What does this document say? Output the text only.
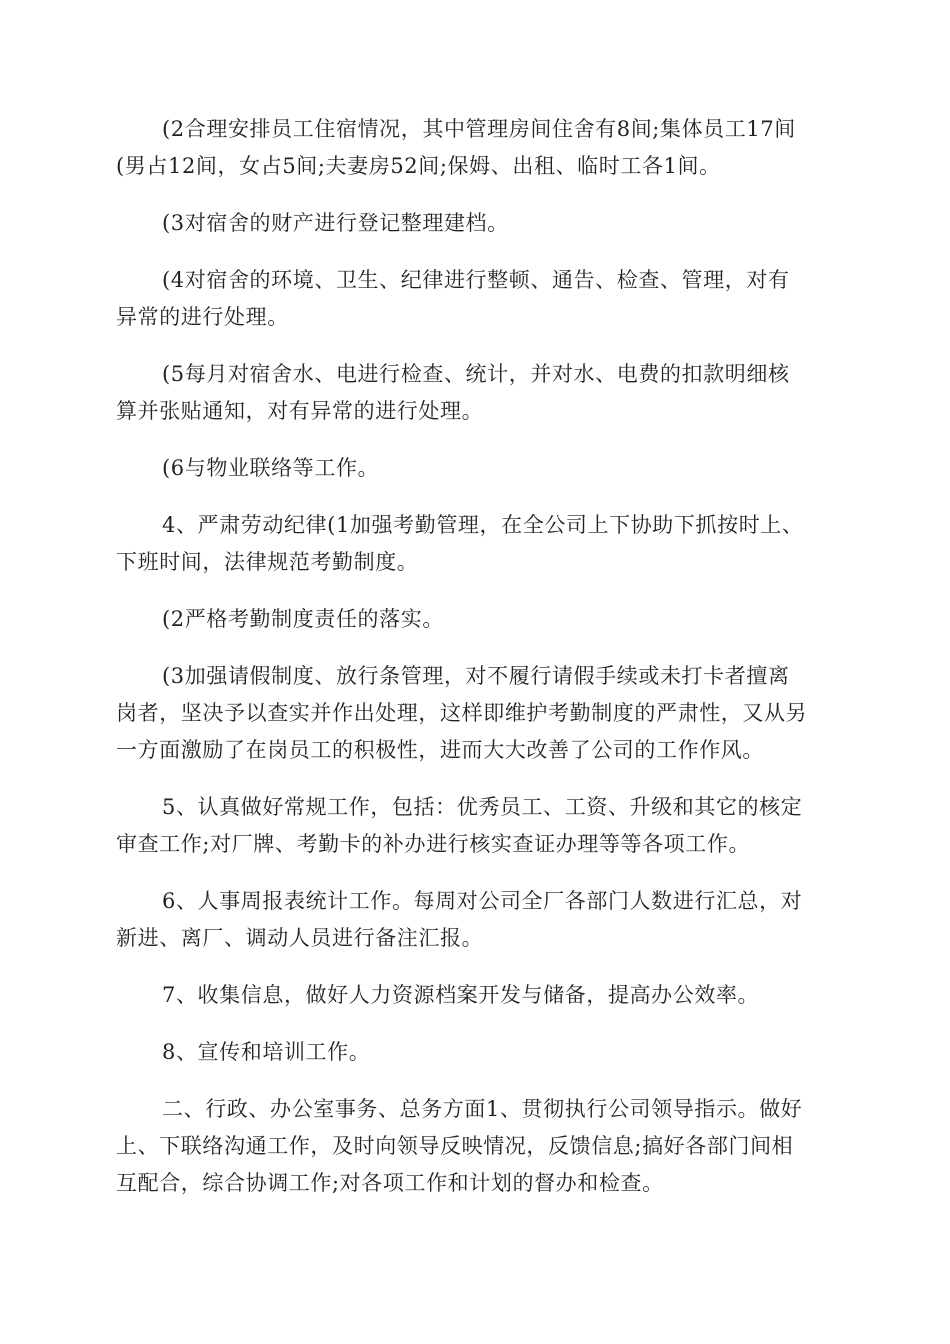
(2合理安排员工住宿情况，其中管理房间住舍有8间;集体员工17间
(男占12间，女占5间;夫妻房52间;保姆、出租、临时工各1间。

(3对宿舍的财产进行登记整理建档。

(4对宿舍的环境、卫生、纪律进行整顿、通告、检查、管理，对有
异常的进行处理。

(5每月对宿舍水、电进行检查、统计，并对水、电费的扣款明细核
算并张贴通知，对有异常的进行处理。

(6与物业联络等工作。

4、严肃劳动纪律(1加强考勤管理，在全公司上下协助下抓按时上、
下班时间，法律规范考勤制度。

(2严格考勤制度责任的落实。

(3加强请假制度、放行条管理，对不履行请假手续或未打卡者擅离
岗者，坚决予以查实并作出处理，这样即维护考勤制度的严肃性，又从另
一方面激励了在岗员工的积极性，进而大大改善了公司的工作作风。

5、认真做好常规工作，包括：优秀员工、工资、升级和其它的核定
审查工作;对厂牌、考勤卡的补办进行核实查证办理等等各项工作。

6、人事周报表统计工作。每周对公司全厂各部门人数进行汇总，对
新进、离厂、调动人员进行备注汇报。

7、收集信息，做好人力资源档案开发与储备，提高办公效率。

8、宣传和培训工作。

二、行政、办公室事务、总务方面1、贯彻执行公司领导指示。做好
上、下联络沟通工作，及时向领导反映情况，反馈信息;搞好各部门间相
互配合，综合协调工作;对各项工作和计划的督办和检查。
